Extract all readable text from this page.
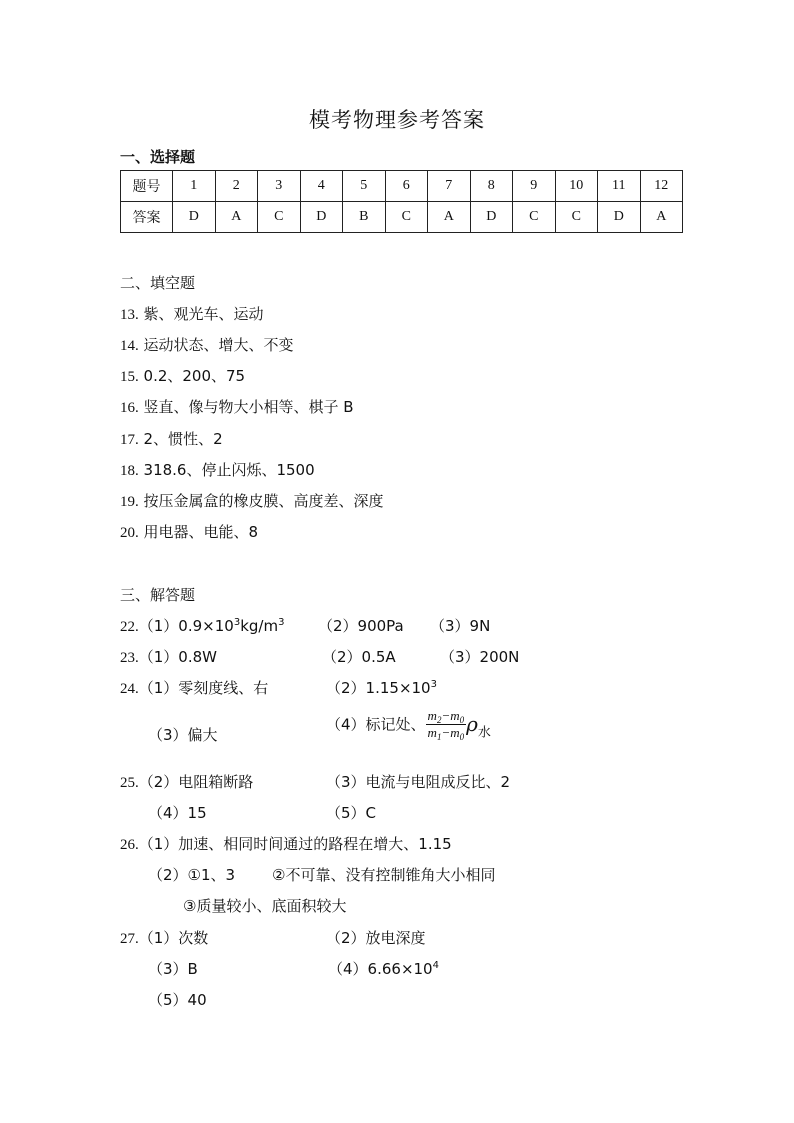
模考物理参考答案
一、选择题
题号	1	2	3	4	5	6	7	8	9	10	11	12
答案	D	A	C	D	B	C	A	D	C	C	D	A
二、填空题
13. 紫、观光车、运动
14. 运动状态、增大、不变
15. 0.2、200、75
16. 竖直、像与物大小相等、棋子 B
17. 2、惯性、2
18. 318.6、停止闪烁、1500
19. 按压金属盒的橡皮膜、高度差、深度
20. 用电器、电能、8
三、解答题
$22.(1)0.9\times 10^3kg/m^3$ （2）900Pa （3）9N
23.（1）0.8W	（2）0.5A	（3）200N
24.（1）零刻度线、右	$(2)1.15\times 10^3$
（3）偏大
（4）标记处、 $\frac{m_2-m_0}{m_1-m_0}$ ρ水
25.（2）电阻箱断路	（3）电流与电阻成反比、2
（4）15	（5）C
26.（1）加速、相同时间通过的路程在增大、1.15
（2）①1、3 ②不可靠、没有控制锥角大小相同
③质量较小、底面积较大
27.（1）次数	（2）放电深度
（3）B	$(4)6.66\times 10^4$
（5）40
